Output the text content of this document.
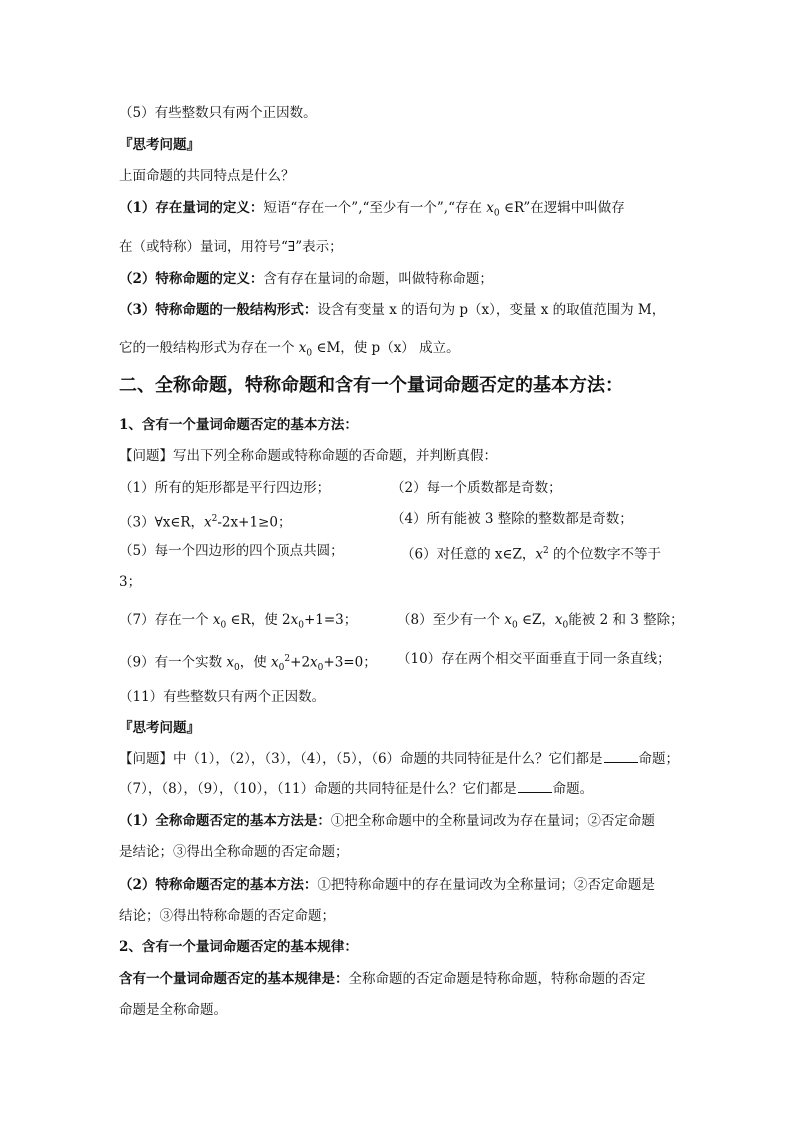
（5）有些整数只有两个正因数。
『思考问题』
上面命题的共同特点是什么？
（1）存在量词的定义：短语“存在一个”,“至少有一个”,“存在 $x_0$ ∈R”在逻辑中叫做存
在（或特称）量词，用符号“∃”表示；
（2）特称命题的定义：含有存在量词的命题，叫做特称命题；
（3）特称命题的一般结构形式：设含有变量 x 的语句为 p（x），变量 x 的取值范围为 M，
它的一般结构形式为存在一个 $x_0$ ∈M，使 p（x） 成立。
二、全称命题，特称命题和含有一个量词命题否定的基本方法：
1、含有一个量词命题否定的基本方法：
【问题】写出下列全称命题或特称命题的否命题，并判断真假：
（1）所有的矩形都是平行四边形；	（2）每一个质数都是奇数；
（3）∀x∈R，$x^2-2x+1\ge 0$；	（4）所有能被 3 整除的整数都是奇数；
（5）每一个四边形的四个顶点共圆；	（6）对任意的 x∈Z，$x^2$ 的个位数字不等于
3；
（7）存在一个 $x_0$ ∈R，使 $2x_0+1=3$；	（8）至少有一个 $x_0$ ∈Z，$x_0$能被 2 和 3 整除；
（9）有一个实数 $x_0$，使 $x_0^2+2x_0+3=0$； （10）存在两个相交平面垂直于同一条直线；
（11）有些整数只有两个正因数。
『思考问题』
【问题】中（1），（2），（3），（4），（5），（6）命题的共同特征是什么？它们都是	命题；
（7），（8），（9），（10），（11）命题的共同特征是什么？它们都是	命题。
（1）全称命题否定的基本方法是：①把全称命题中的全称量词改为存在量词；②否定命题
是结论；③得出全称命题的否定命题；
（2）特称命题否定的基本方法：①把特称命题中的存在量词改为全称量词；②否定命题是
结论；③得出特称命题的否定命题；
2、含有一个量词命题否定的基本规律：
含有一个量词命题否定的基本规律是：全称命题的否定命题是特称命题，特称命题的否定
命题是全称命题。
